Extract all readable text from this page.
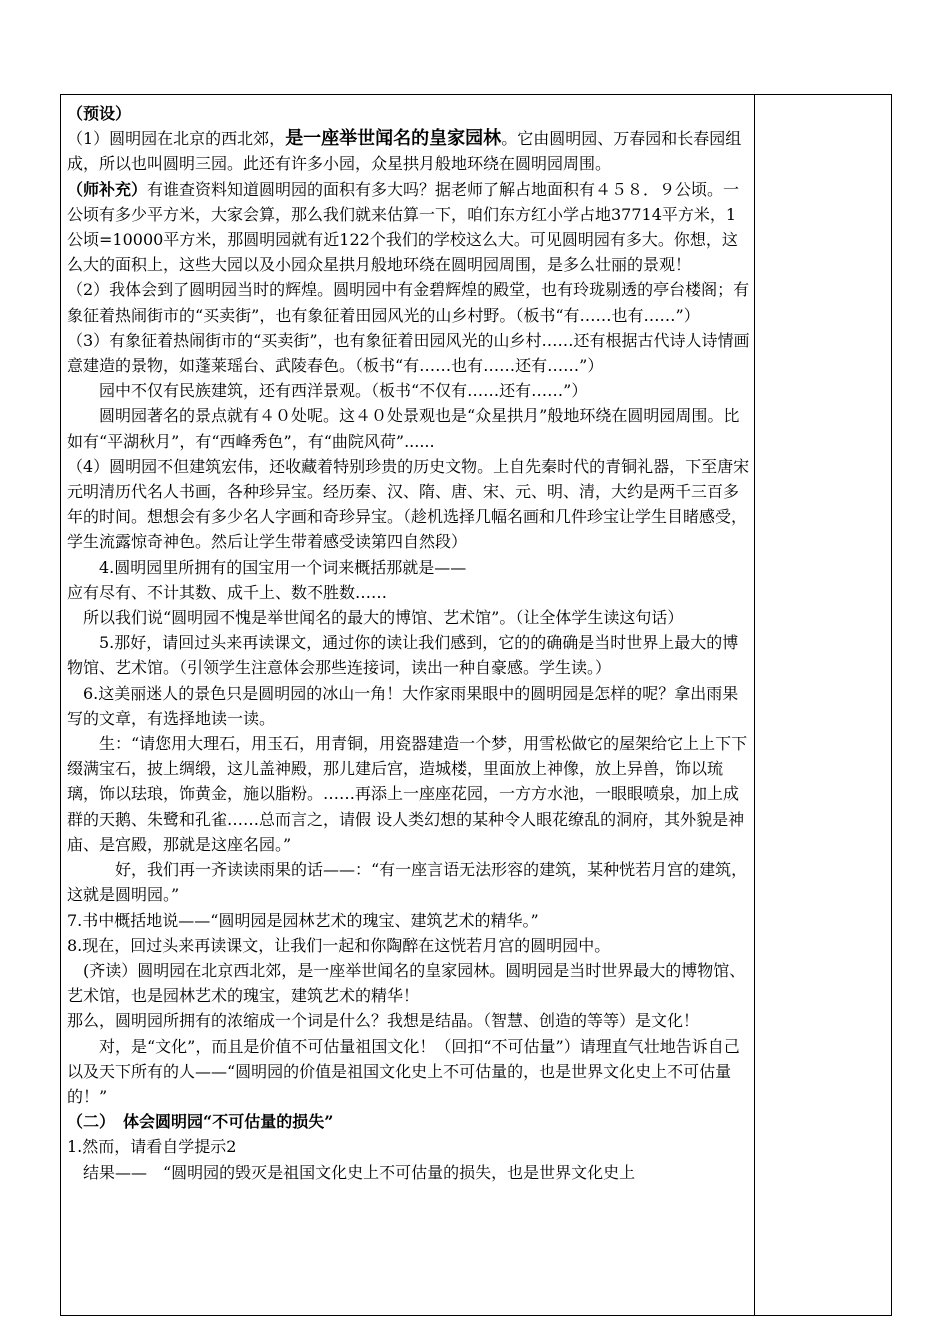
（预设）

（1）圆明园在北京的西北郊，是一座举世闻名的皇家园林。它由圆明园、万春园和长春园组成，所以也叫圆明三园。此还有许多小园，众星拱月般地环绕在圆明园周围。

（师补充）有谁查资料知道圆明园的面积有多大吗？据老师了解占地面积有４５８．９公顷。一公顷有多少平方米，大家会算，那么我们就来估算一下，咱们东方红小学占地37714平方米，1公顷=10000平方米，那圆明园就有近122个我们的学校这么大。可见圆明园有多大。你想，这么大的面积上，这些大园以及小园众星拱月般地环绕在圆明园周围，是多么壮丽的景观！

（2）我体会到了圆明园当时的辉煌。圆明园中有金碧辉煌的殿堂，也有玲珑剔透的亭台楼阁；有象征着热闹街市的“买卖街”，也有象征着田园风光的山乡村野。（板书“有……也有……”）

（3）有象征着热闹街市的“买卖街”，也有象征着田园风光的山乡村……还有根据古代诗人诗情画意建造的景物，如蓬莱瑶台、武陵春色。（板书“有……也有……还有……”）

　　园中不仅有民族建筑，还有西洋景观。（板书“不仅有……还有……”）

　　圆明园著名的景点就有４０处呢。这４０处景观也是“众星拱月”般地环绕在圆明园周围。比如有“平湖秋月”，有“西峰秀色”，有“曲院风荷”......

（4）圆明园不但建筑宏伟，还收藏着特别珍贵的历史文物。上自先秦时代的青铜礼器，下至唐宋元明清历代名人书画，各种珍异宝。经历秦、汉、隋、唐、宋、元、明、清，大约是两千三百多年的时间。想想会有多少名人字画和奇珍异宝。（趁机选择几幅名画和几件珍宝让学生目睹感受，学生流露惊奇神色。然后让学生带着感受读第四自然段）

　　4.圆明园里所拥有的国宝用一个词来概括那就是——

应有尽有、不计其数、成千上、数不胜数……

　所以我们说“圆明园不愧是举世闻名的最大的博馆、艺术馆”。（让全体学生读这句话）

　　5.那好，请回过头来再读课文，通过你的读让我们感到，它的的确确是当时世界上最大的博物馆、艺术馆。（引领学生注意体会那些连接词，读出一种自豪感。学生读。）

　6.这美丽迷人的景色只是圆明园的冰山一角！大作家雨果眼中的圆明园是怎样的呢？拿出雨果写的文章，有选择地读一读。

　　生：“请您用大理石，用玉石，用青铜，用瓷器建造一个梦，用雪松做它的屋架给它上上下下缀满宝石，披上绸缎，这儿盖神殿，那儿建后宫，造城楼，里面放上神像，放上异兽，饰以琉璃，饰以珐琅，饰黄金，施以脂粉。……再添上一座座花园，一方方水池，一眼眼喷泉，加上成群的天鹅、朱鹭和孔雀……总而言之，请假 设人类幻想的某种令人眼花缭乱的洞府，其外貌是神庙、是宫殿，那就是这座名园。”

　　　好，我们再一齐读读雨果的话——：“有一座言语无法形容的建筑，某种恍若月宫的建筑，这就是圆明园。”

7.书中概括地说——“圆明园是园林艺术的瑰宝、建筑艺术的精华。”

8.现在，回过头来再读课文，让我们一起和你陶醉在这恍若月宫的圆明园中。

　(齐读）圆明园在北京西北郊，是一座举世闻名的皇家园林。圆明园是当时世界最大的博物馆、艺术馆，也是园林艺术的瑰宝，建筑艺术的精华！

那么，圆明园所拥有的浓缩成一个词是什么？我想是结晶。（智慧、创造的等等）是文化！

　　对，是“文化”，而且是价值不可估量祖国文化！（回扣“不可估量”）请理直气壮地告诉自己以及天下所有的人——“圆明园的价值是祖国文化史上不可估量的，也是世界文化史上不可估量的！”

（二）　体会圆明园“不可估量的损失”

1.然而，请看自学提示2

　结果——　“圆明园的毁灭是祖国文化史上不可估量的损失，也是世界文化史上
